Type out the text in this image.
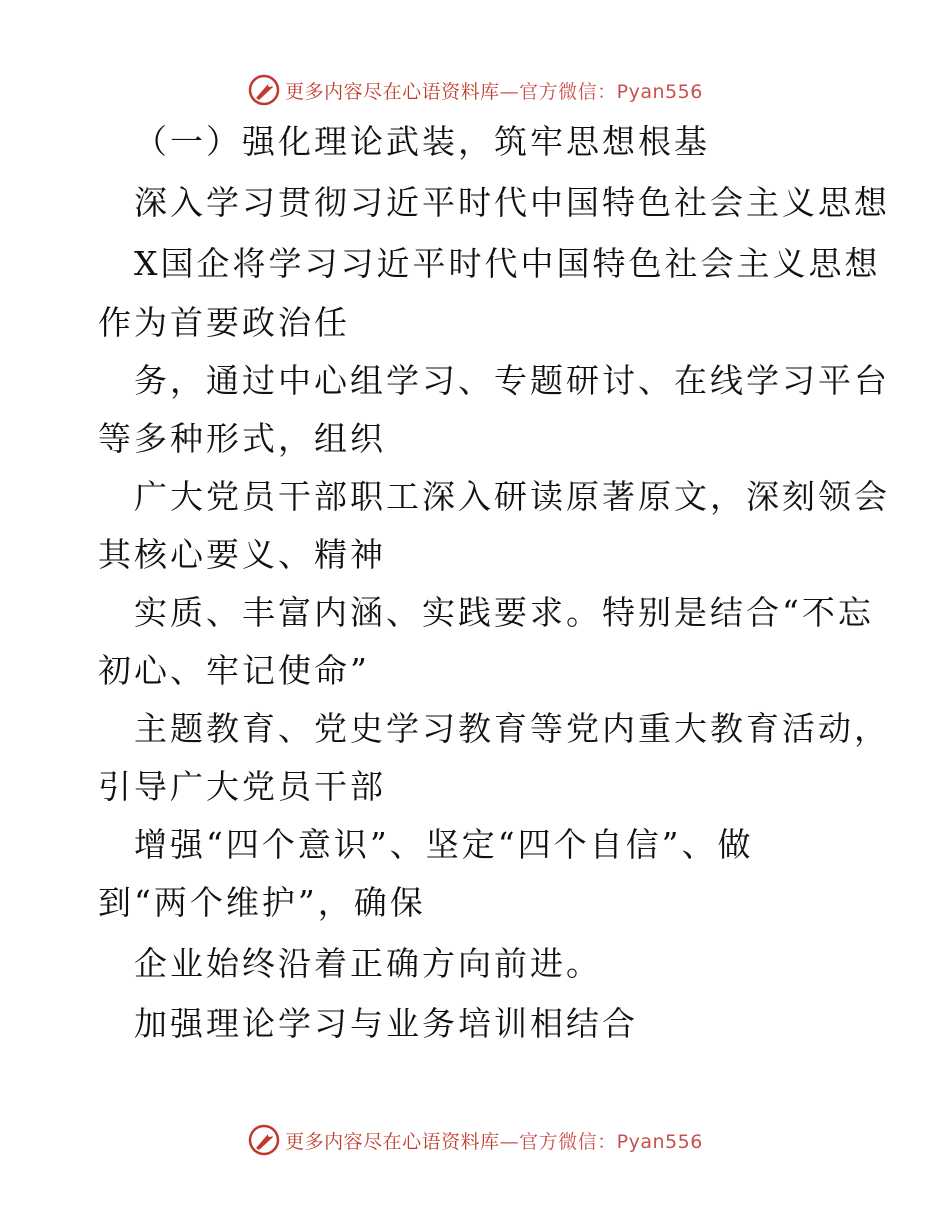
更多内容尽在心语资料库—官方微信：Pyan556
（一）强化理论武装，筑牢思想根基
深入学习贯彻习近平时代中国特色社会主义思想
X国企将学习习近平时代中国特色社会主义思想
作为首要政治任
务，通过中心组学习、专题研讨、在线学习平台
等多种形式，组织
广大党员干部职工深入研读原著原文，深刻领会
其核心要义、精神
实质、丰富内涵、实践要求。特别是结合“不忘
初心、牢记使命”
主题教育、党史学习教育等党内重大教育活动，
引导广大党员干部
增强“四个意识”、坚定“四个自信”、做
到“两个维护”，确保
企业始终沿着正确方向前进。
加强理论学习与业务培训相结合
更多内容尽在心语资料库—官方微信：Pyan556
